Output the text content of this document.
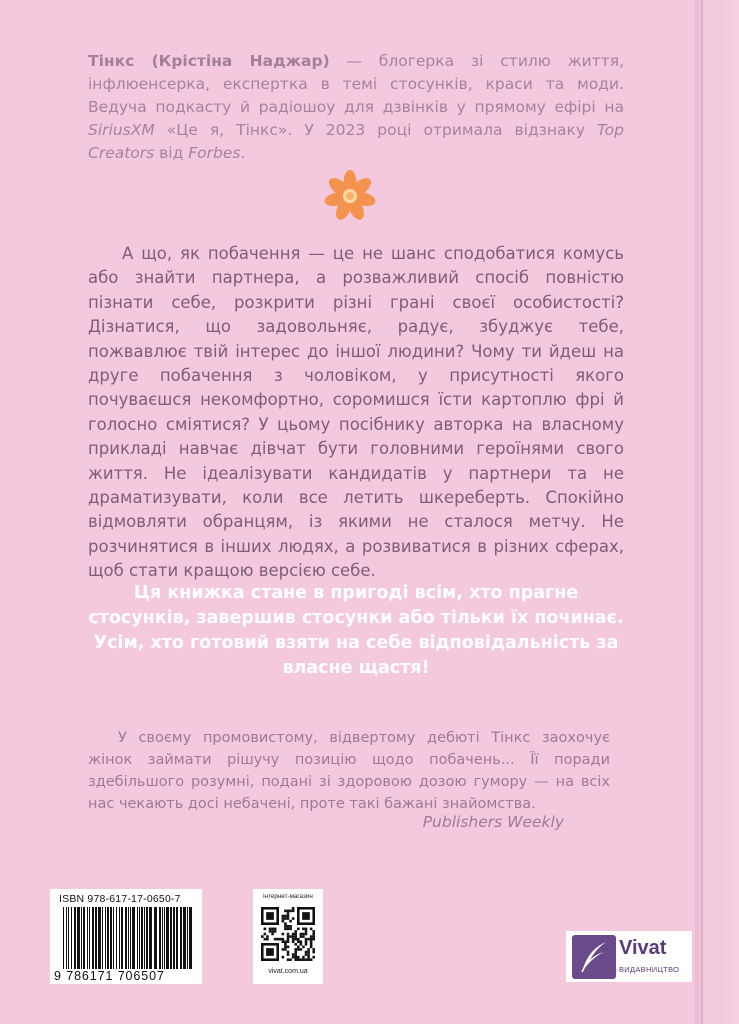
Тінкс (Крістіна Наджар) — блогерка зі стилю життя, інфлюенсерка, експертка в темі стосунків, краси та моди. Ведуча подкасту й радіошоу для дзвінків у прямому ефірі на SiriusXM «Це я, Тінкс». У 2023 році отримала відзнаку Top Creators від Forbes.
А що, як побачення — це не шанс сподобатися комусь або знайти партнера, а розважливий спосіб повністю пізнати себе, розкрити різні грані своєї особистості? Дізнатися, що задовольняє, радує, збуджує тебе, пожвавлює твій інтерес до іншої людини? Чому ти йдеш на друге побачення з чоловіком, у присутності якого почуваєшся некомфортно, соромишся їсти картоплю фрі й голосно сміятися? У цьому посібнику авторка на власному прикладі навчає дівчат бути головними героїнями свого життя. Не ідеалізувати кандидатів у партнери та не драматизувати, коли все летить шкереберть. Спокійно відмовляти обранцям, із якими не сталося метчу. Не розчинятися в інших людях, а розвиватися в різних сферах, щоб стати кращою версією себе.
Ця книжка стане в пригоді всім, хто прагне стосунків, завершив стосунки або тільки їх починає. Усім, хто готовий взяти на себе відповідальність за власне щастя!
У своєму промовистому, відвертому дебюті Тінкс заохочує жінок займати рішучу позицію щодо побачень... Її поради здебільшого розумні, подані зі здоровою дозою гумору — на всіх нас чекають досі небачені, проте такі бажані знайомства.
Publishers Weekly
ISBN 978-617-17-0650-7
9 786171 706507
інтернет-магазин
vivat.com.ua
Vivat
ВИДАВНИЦТВО
